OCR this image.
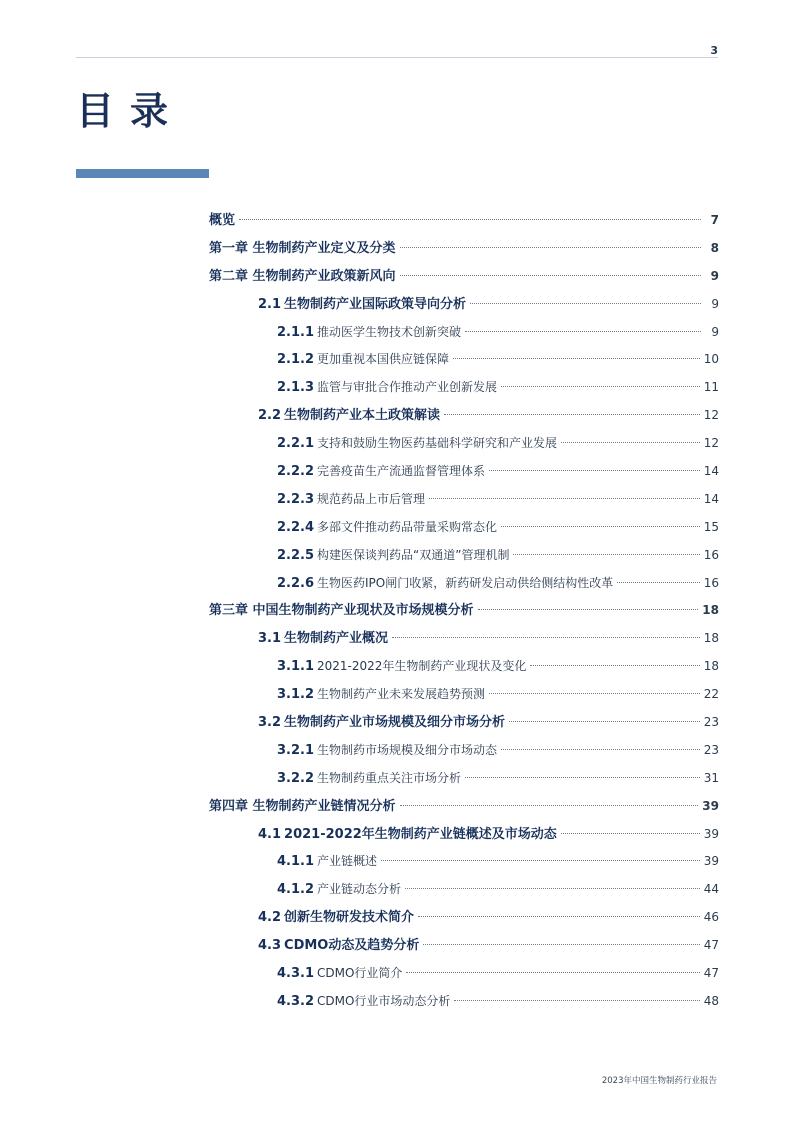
3
目录
概览	7
第一章 生物制药产业定义及分类	8
第二章 生物制药产业政策新风向	9
2.1 生物制药产业国际政策导向分析	9
2.1.1 推动医学生物技术创新突破	9
2.1.2 更加重视本国供应链保障	10
2.1.3 监管与审批合作推动产业创新发展	11
2.2 生物制药产业本土政策解读	12
2.2.1 支持和鼓励生物医药基础科学研究和产业发展	12
2.2.2 完善疫苗生产流通监督管理体系	14
2.2.3 规范药品上市后管理	14
2.2.4 多部文件推动药品带量采购常态化	15
2.2.5 构建医保谈判药品“双通道”管理机制	16
2.2.6 生物医药IPO闸门收紧，新药研发启动供给侧结构性改革	16
第三章 中国生物制药产业现状及市场规模分析	18
3.1 生物制药产业概况	18
3.1.1 2021-2022年生物制药产业现状及变化	18
3.1.2 生物制药产业未来发展趋势预测	22
3.2 生物制药产业市场规模及细分市场分析	23
3.2.1 生物制药市场规模及细分市场动态	23
3.2.2 生物制药重点关注市场分析	31
第四章 生物制药产业链情况分析	39
4.1 2021-2022年生物制药产业链概述及市场动态	39
4.1.1 产业链概述	39
4.1.2 产业链动态分析	44
4.2 创新生物研发技术简介	46
4.3 CDMO动态及趋势分析	47
4.3.1 CDMO行业简介	47
4.3.2 CDMO行业市场动态分析	48
2023年中国生物制药行业报告
